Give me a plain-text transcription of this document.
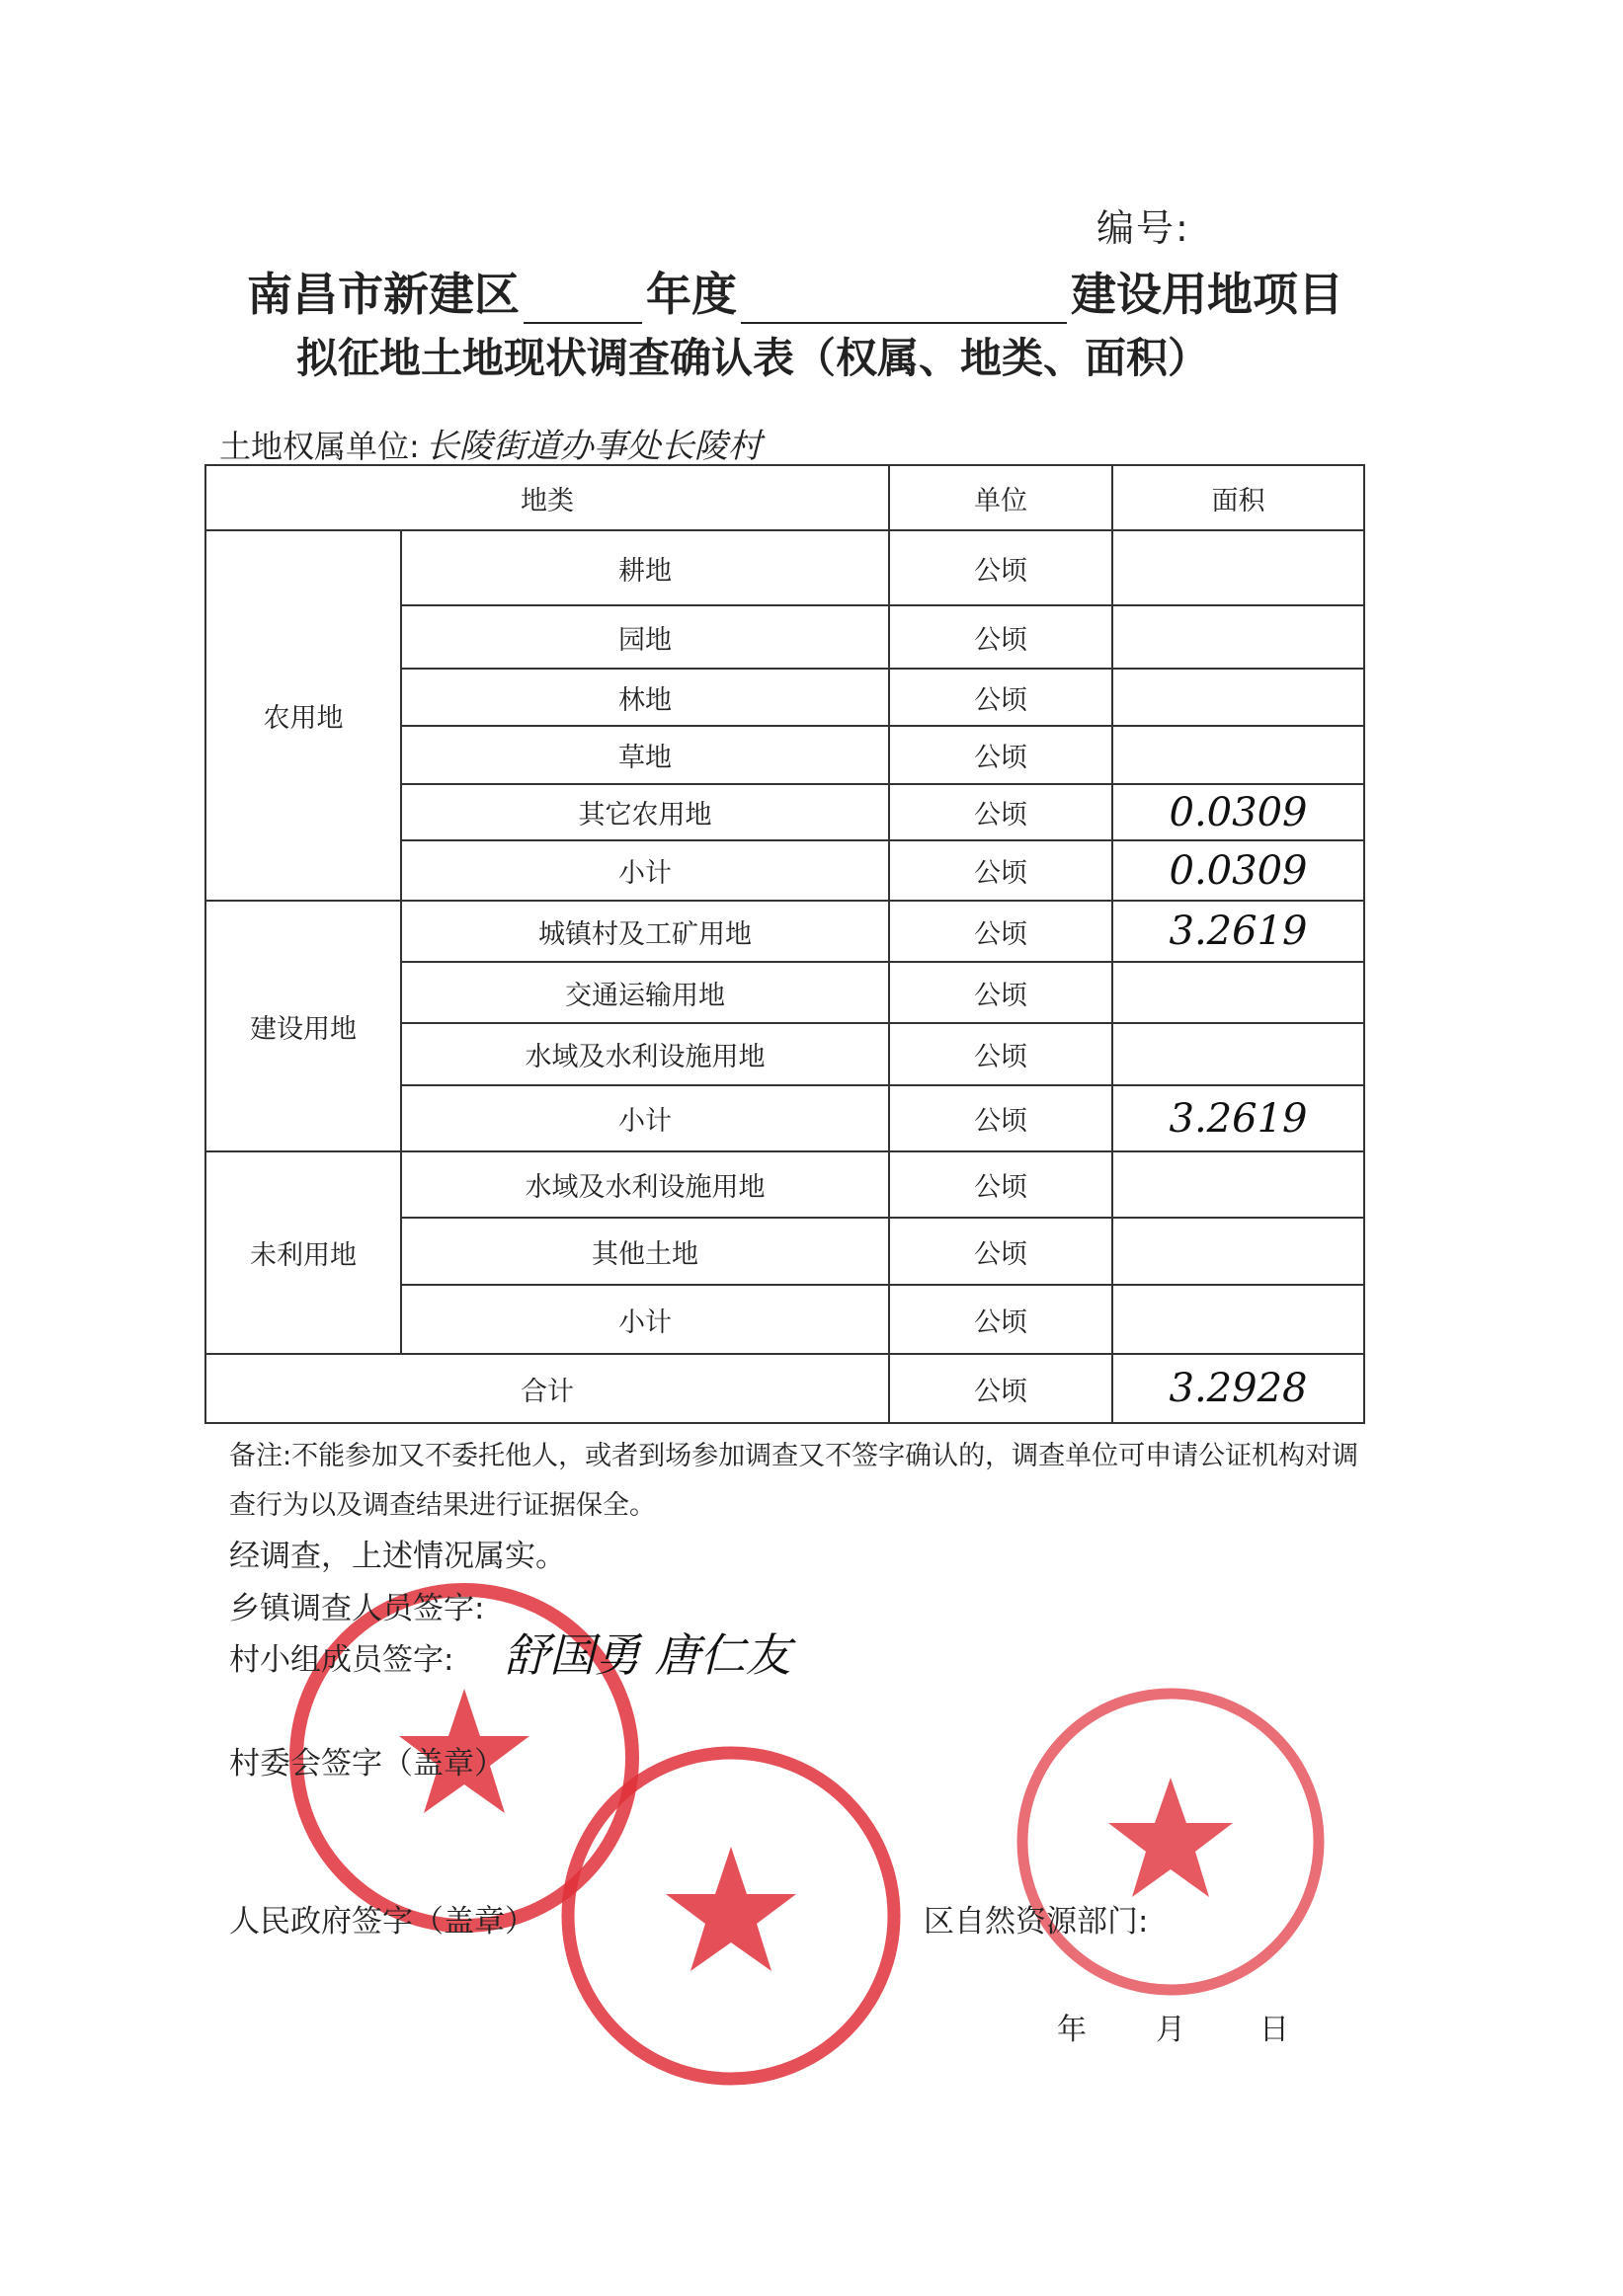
编号:
南昌市新建区	年度	建设用地项目
拟征地土地现状调查确认表（权属、地类、面积）
土地权属单位: 长陵街道办事处长陵村
地类		单位	面积
农用地	耕地	公顷	
	园地	公顷	
	林地	公顷	
	草地	公顷	
	其它农用地	公顷	0.0309
	小计	公顷	0.0309
建设用地	城镇村及工矿用地	公顷	3.2619
	交通运输用地	公顷	
	水域及水利设施用地	公顷	
	小计	公顷	3.2619
未利用地	水域及水利设施用地	公顷	
	其他土地	公顷	
	小计	公顷	
合计		公顷	3.2928
备注:不能参加又不委托他人，或者到场参加调查又不签字确认的，调查单位可申请公证机构对调查行为以及调查结果进行证据保全。
经调查，上述情况属实。
乡镇调查人员签字:
村小组成员签字: 舒国勇 唐仁友
村委会签字（盖章）
人民政府签字（盖章）	区自然资源部门:
年 月	日
